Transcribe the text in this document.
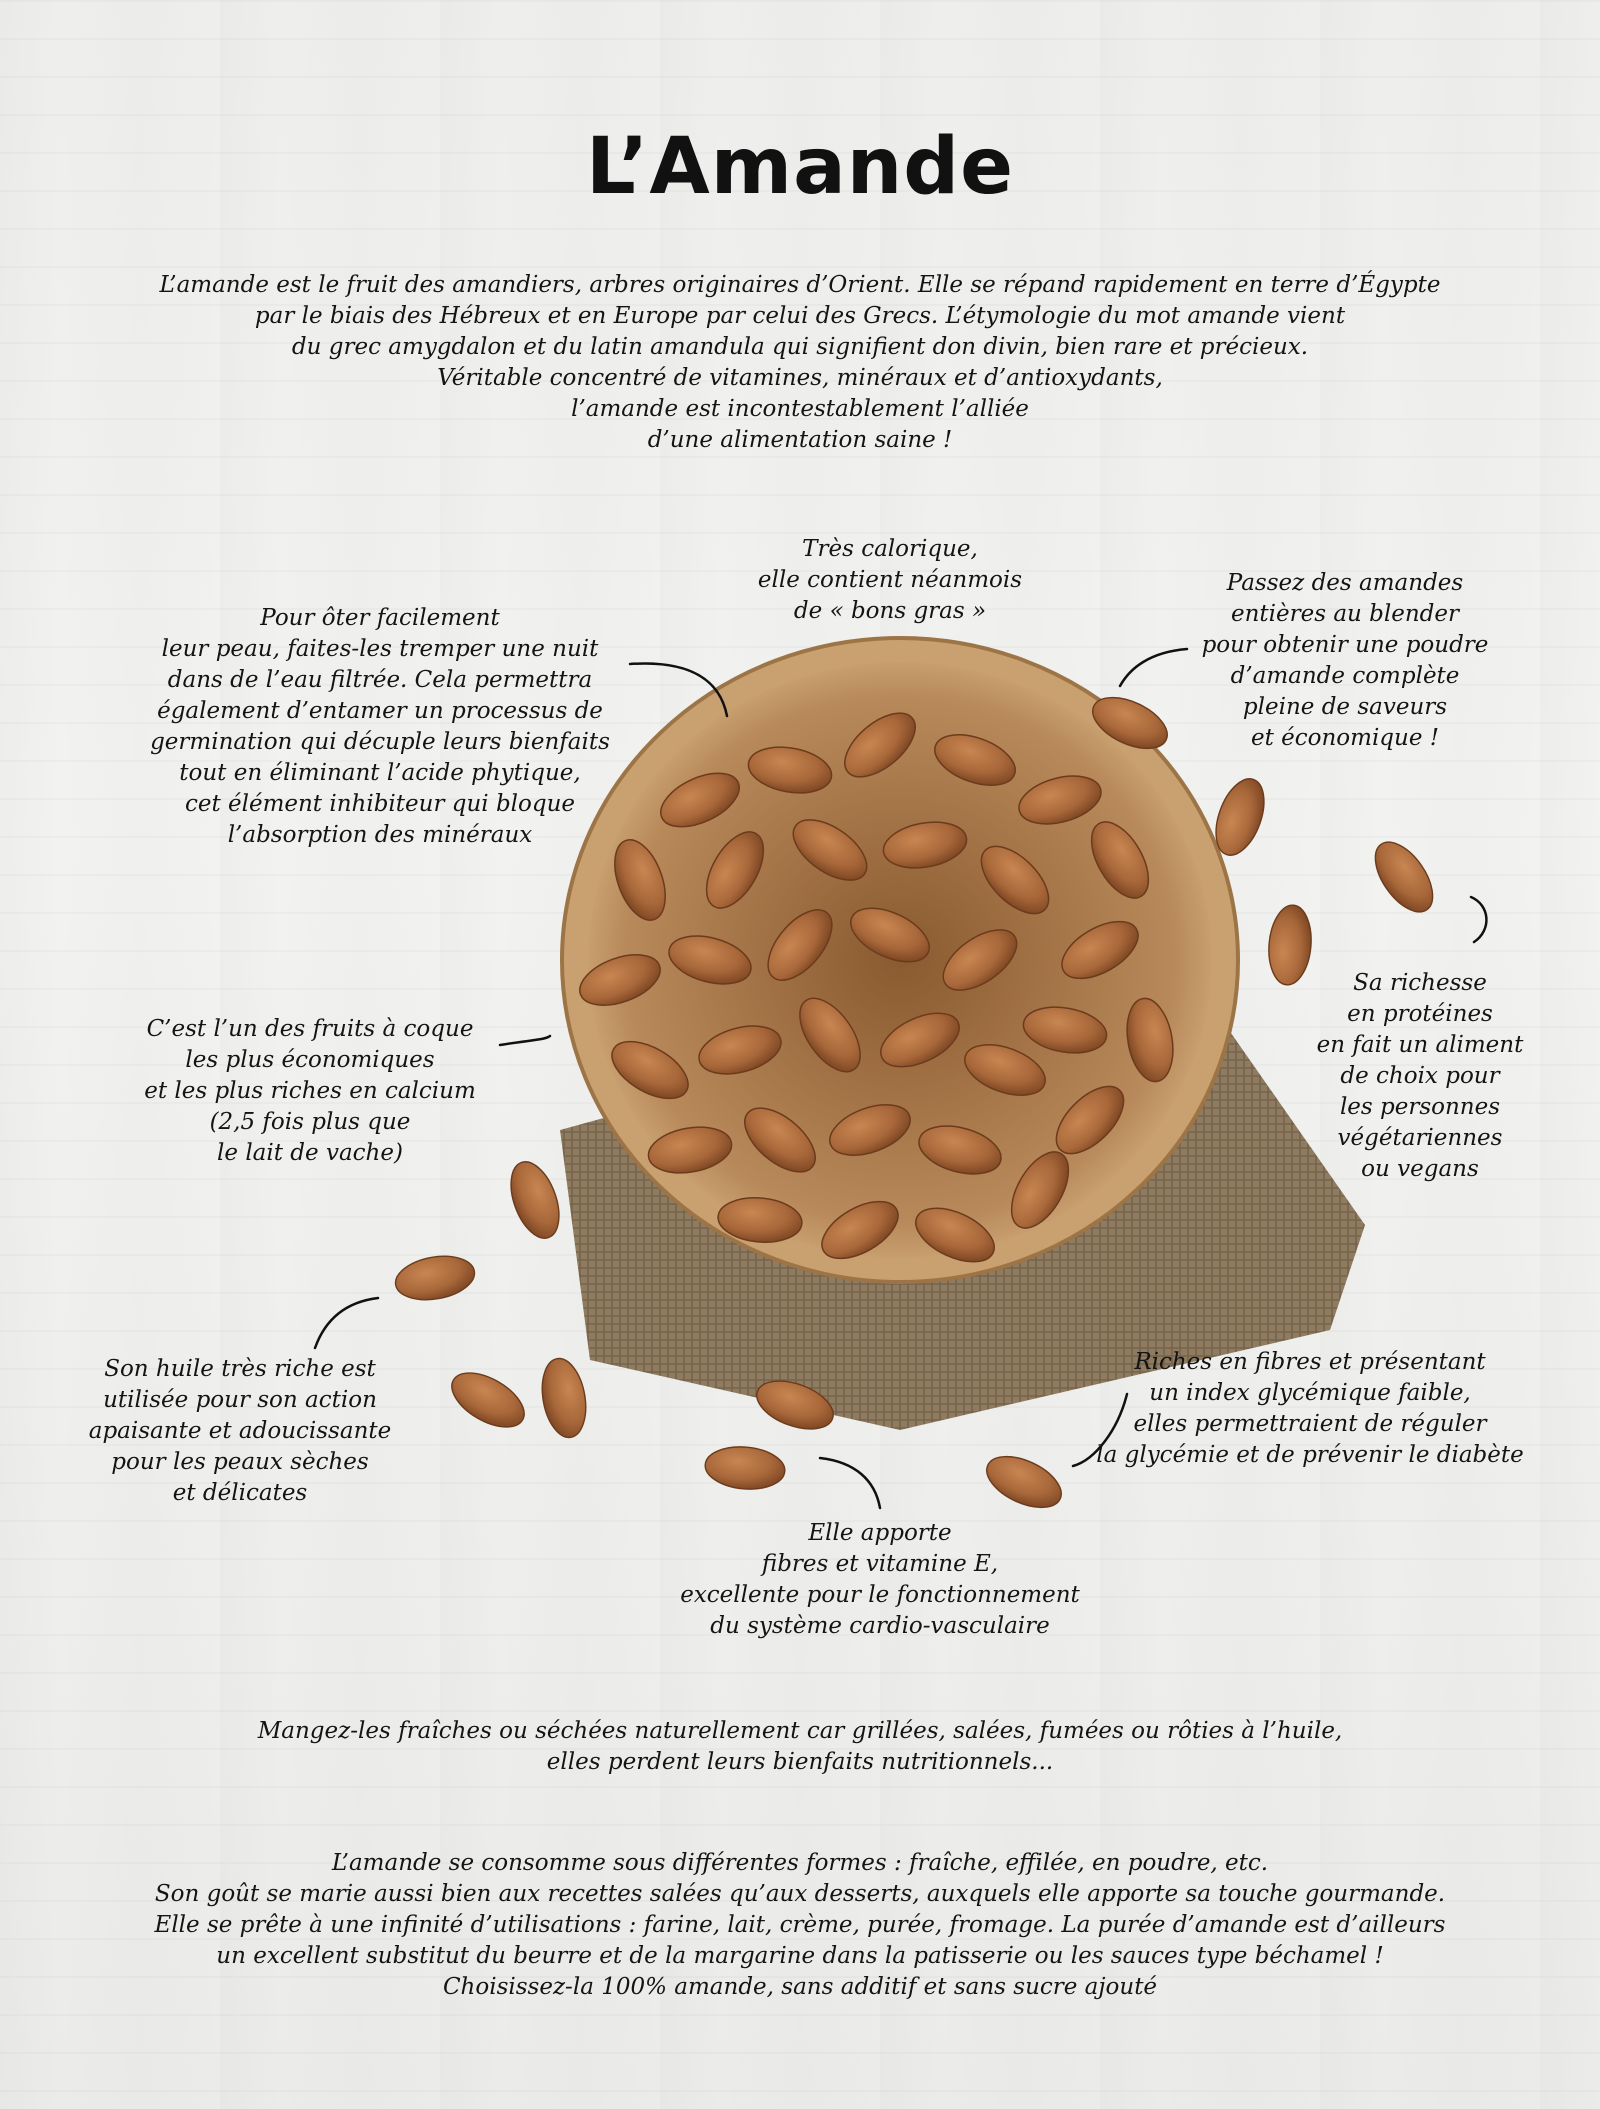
L’Amande
L’amande est le fruit des amandiers, arbres originaires d’Orient. Elle se répand rapidement en terre d’Égypte
par le biais des Hébreux et en Europe par celui des Grecs. L’étymologie du mot amande vient
du grec amygdalon et du latin amandula qui signifient don divin, bien rare et précieux.
Véritable concentré de vitamines, minéraux et d’antioxydants,
l’amande est incontestablement l’alliée
d’une alimentation saine !
Très calorique,
elle contient néanmois
de « bons gras »
Pour ôter facilement
leur peau, faites-les tremper une nuit
dans de l’eau filtrée. Cela permettra
également d’entamer un processus de
germination qui décuple leurs bienfaits
tout en éliminant l’acide phytique,
cet élément inhibiteur qui bloque
l’absorption des minéraux
Passez des amandes
entières au blender
pour obtenir une poudre
d’amande complète
pleine de saveurs
et économique !
C’est l’un des fruits à coque
les plus économiques
et les plus riches en calcium
(2,5 fois plus que
le lait de vache)
Sa richesse
en protéines
en fait un aliment
de choix pour
les personnes
végétariennes
ou vegans
Son huile très riche est
utilisée pour son action
apaisante et adoucissante
pour les peaux sèches
et délicates
Riches en fibres et présentant
un index glycémique faible,
elles permettraient de réguler
la glycémie et de prévenir le diabète
Elle apporte
fibres et vitamine E,
excellente pour le fonctionnement
du système cardio-vasculaire
Mangez-les fraîches ou séchées naturellement car grillées, salées, fumées ou rôties à l’huile,
elles perdent leurs bienfaits nutritionnels...
L’amande se consomme sous différentes formes : fraîche, effilée, en poudre, etc.
Son goût se marie aussi bien aux recettes salées qu’aux desserts, auxquels elle apporte sa touche gourmande.
Elle se prête à une infinité d’utilisations : farine, lait, crème, purée, fromage. La purée d’amande est d’ailleurs
un excellent substitut du beurre et de la margarine dans la patisserie ou les sauces type béchamel !
Choisissez-la 100% amande, sans additif et sans sucre ajouté
